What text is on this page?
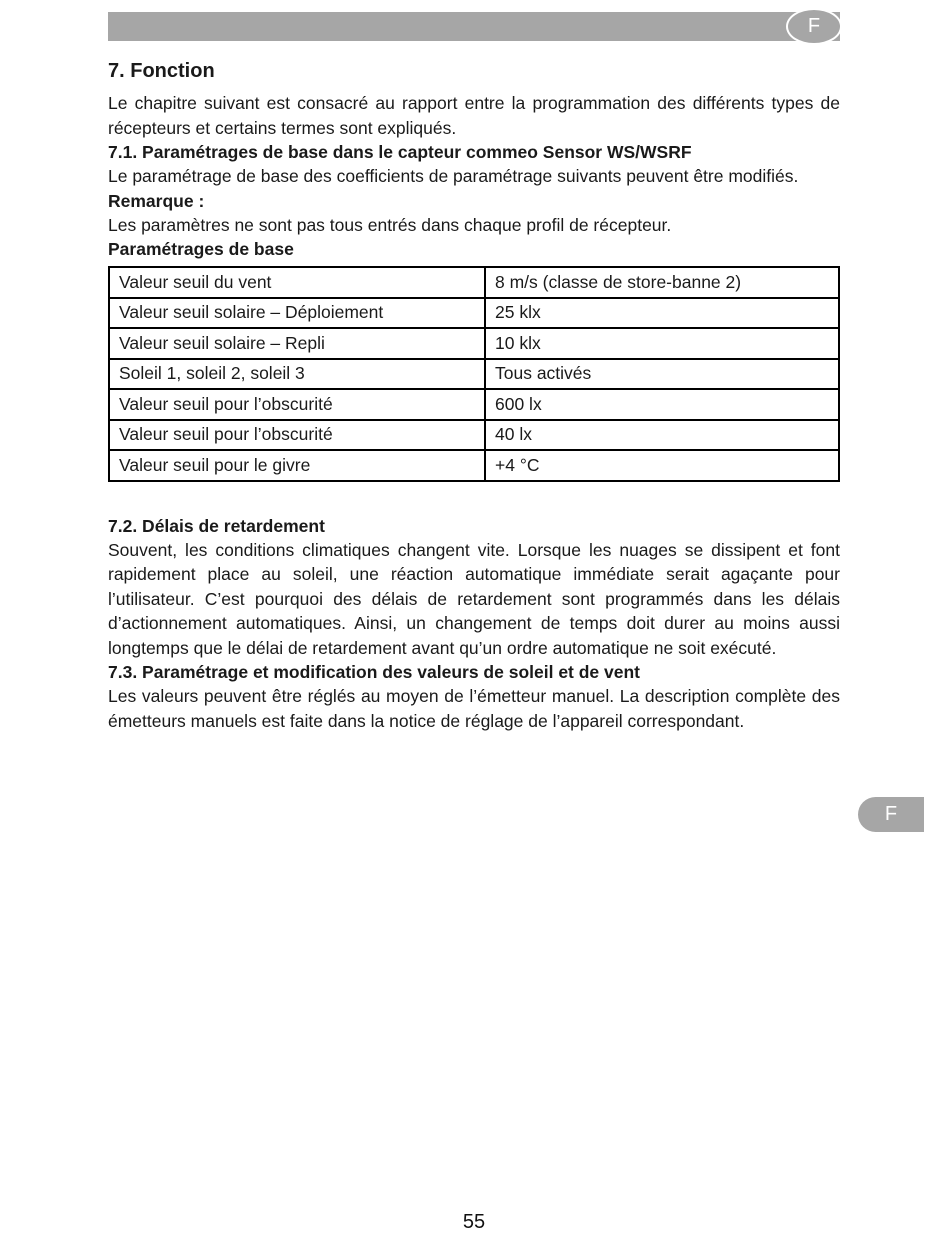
F
7. Fonction

Le chapitre suivant est consacré au rapport entre la programmation des différents types de récepteurs et certains termes sont expliqués.

7.1. Paramétrages de base dans le capteur commeo Sensor WS/WSRF

Le paramétrage de base des coefficients de paramétrage suivants peuvent être modifiés.

Remarque :

Les paramètres ne sont pas tous entrés dans chaque profil de récepteur.

Paramétrages de base

Valeur seuil du vent	8 m/s (classe de store-banne 2)
Valeur seuil solaire – Déploiement	25 klx
Valeur seuil solaire – Repli	10 klx
Soleil 1, soleil 2, soleil 3	Tous activés
Valeur seuil pour l’obscurité	600 lx
Valeur seuil pour l’obscurité	40 lx
Valeur seuil pour le givre	+4 °C

7.2. Délais de retardement

Souvent, les conditions climatiques changent vite. Lorsque les nuages se dissipent et font rapidement place au soleil, une réaction automatique immédiate serait agaçante pour l’utilisateur. C’est pourquoi des délais de retardement sont programmés dans les délais d’actionnement automatiques. Ainsi, un changement de temps doit durer au moins aussi longtemps que le délai de retardement avant qu’un ordre automatique ne soit exécuté.

7.3. Paramétrage et modification des valeurs de soleil et de vent

Les valeurs peuvent être réglés au moyen de l’émetteur manuel. La description complète des émetteurs manuels est faite dans la notice de réglage de l’appareil correspondant.

F
55
